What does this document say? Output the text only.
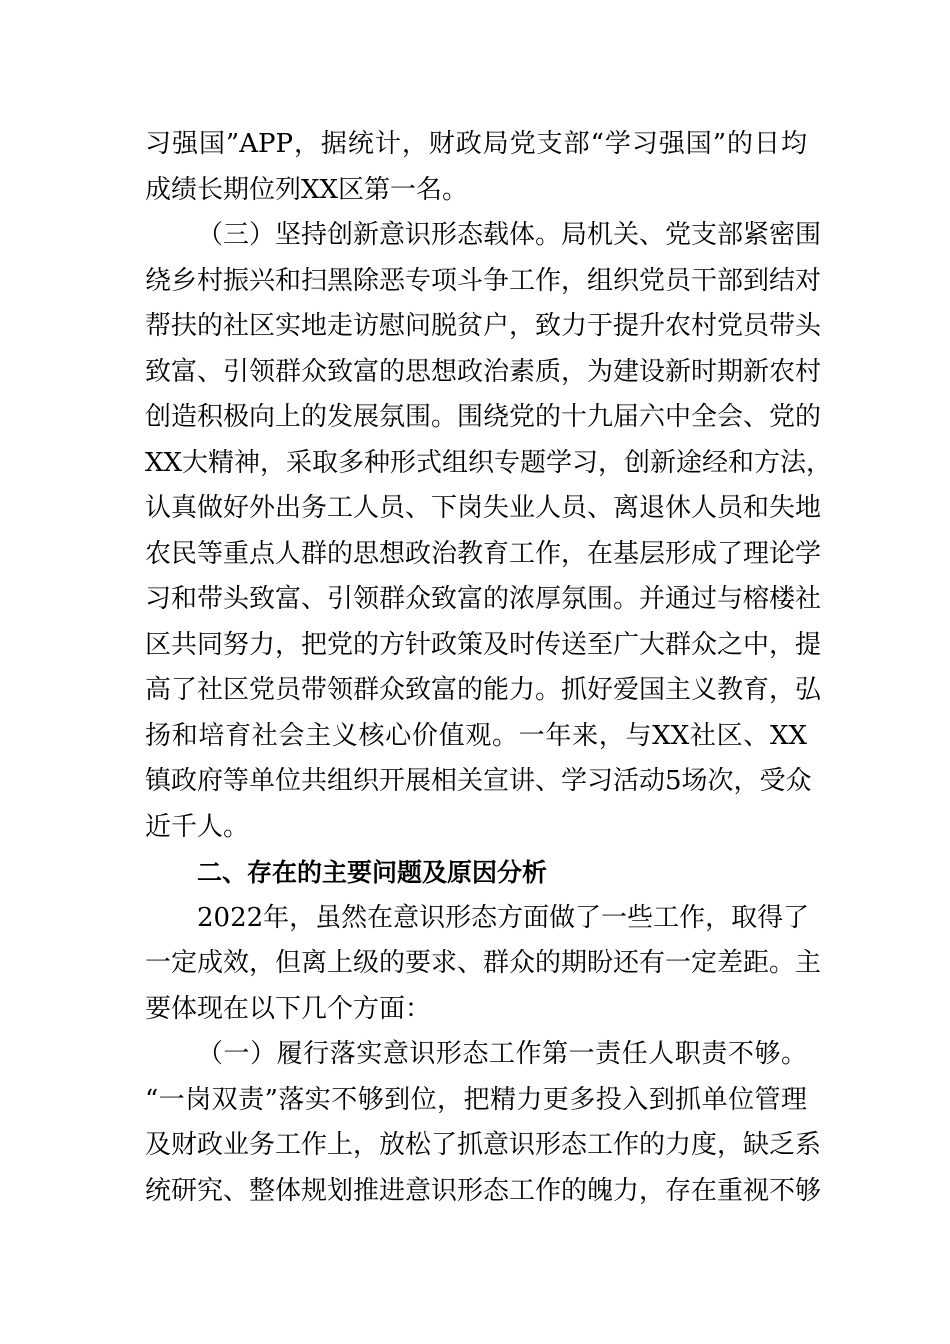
习强国”APP，据统计，财政局党支部“学习强国”的日均
成绩长期位列XX区第一名。
（三）坚持创新意识形态载体。局机关、党支部紧密围
绕乡村振兴和扫黑除恶专项斗争工作，组织党员干部到结对
帮扶的社区实地走访慰问脱贫户，致力于提升农村党员带头
致富、引领群众致富的思想政治素质，为建设新时期新农村
创造积极向上的发展氛围。围绕党的十九届六中全会、党的
XX大精神，采取多种形式组织专题学习，创新途经和方法，
认真做好外出务工人员、下岗失业人员、离退休人员和失地
农民等重点人群的思想政治教育工作，在基层形成了理论学
习和带头致富、引领群众致富的浓厚氛围。并通过与榕楼社
区共同努力，把党的方针政策及时传送至广大群众之中，提
高了社区党员带领群众致富的能力。抓好爱国主义教育，弘
扬和培育社会主义核心价值观。一年来，与XX社区、XX
镇政府等单位共组织开展相关宣讲、学习活动5场次，受众
近千人。
二、存在的主要问题及原因分析
2022年，虽然在意识形态方面做了一些工作，取得了
一定成效，但离上级的要求、群众的期盼还有一定差距。主
要体现在以下几个方面：
（一）履行落实意识形态工作第一责任人职责不够。
“一岗双责”落实不够到位，把精力更多投入到抓单位管理
及财政业务工作上，放松了抓意识形态工作的力度，缺乏系
统研究、整体规划推进意识形态工作的魄力，存在重视不够
